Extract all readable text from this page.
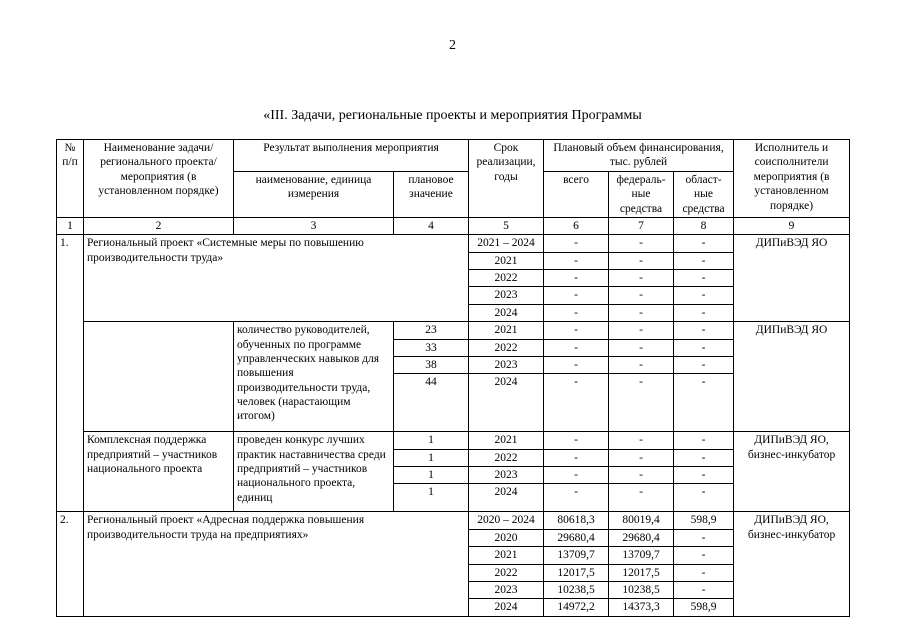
2
«III. Задачи, региональные проекты и мероприятия Программы
№ п/п	Наименование задачи/ регионального проекта/ мероприятия (в установленном порядке)	Результат выполнения мероприятия		Срок реализации, годы	Плановый объем финансирования, тыс. рублей			Исполнитель и соисполнители мероприятия (в установленном порядке)
		наименование, единица измерения	плановое значение		всего	федераль-ные средства	област-ные средства	
1	2	3	4	5	6	7	8	9
1.	Региональный проект «Системные меры по повышению производительности труда»			2021 – 2024	-	-	-	ДИПиВЭД ЯО
				2021	-	-	-	
				2022	-	-	-	
				2023	-	-	-	
				2024	-	-	-	
		количество руководителей, обученных по программе управленческих навыков для повышения производительности труда, человек (нарастающим итогом)	23	2021	-	-	-	ДИПиВЭД ЯО
			33	2022	-	-	-	
			38	2023	-	-	-	
			44	2024	-	-	-	
	Комплексная поддержка предприятий – участников национального проекта	проведен конкурс лучших практик наставничества среди предприятий – участников национального проекта, единиц	1	2021	-	-	-	ДИПиВЭД ЯО, бизнес-инкубатор
			1	2022	-	-	-	
			1	2023	-	-	-	
			1	2024	-	-	-	
2.	Региональный проект «Адресная поддержка повышения производительности труда на предприятиях»			2020 – 2024	80618,3	80019,4	598,9	ДИПиВЭД ЯО, бизнес-инкубатор
				2020	29680,4	29680,4	-	
				2021	13709,7	13709,7	-	
				2022	12017,5	12017,5	-	
				2023	10238,5	10238,5	-	
				2024	14972,2	14373,3	598,9	
